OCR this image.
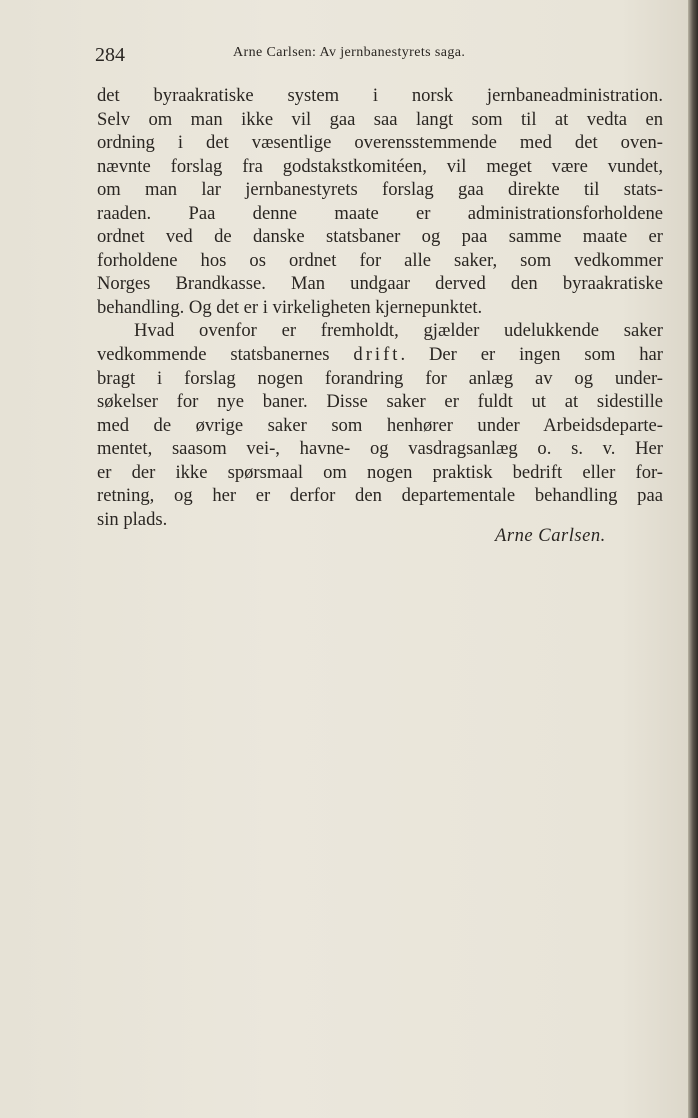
284	Arne Carlsen: Av jernbanestyrets saga.
det byraakratiske system i norsk jernbaneadministration.
Selv om man ikke vil gaa saa langt som til at vedta en
ordning i det væsentlige overensstemmende med det oven-
nævnte forslag fra godstakstkomitéen, vil meget være vundet,
om man lar jernbanestyrets forslag gaa direkte til stats-
raaden. Paa denne maate er administrationsforholdene
ordnet ved de danske statsbaner og paa samme maate er
forholdene hos os ordnet for alle saker, som vedkommer
Norges Brandkasse. Man undgaar derved den byraakratiske
behandling. Og det er i virkeligheten kjernepunktet.
Hvad ovenfor er fremholdt, gjælder udelukkende saker
vedkommende statsbanernes drift. Der er ingen som har
bragt i forslag nogen forandring for anlæg av og under-
søkelser for nye baner. Disse saker er fuldt ut at sidestille
med de øvrige saker som henhører under Arbeidsdeparte-
mentet, saasom vei-, havne- og vasdragsanlæg o. s. v. Her
er der ikke spørsmaal om nogen praktisk bedrift eller for-
retning, og her er derfor den departementale behandling paa
sin plads.
Arne Carlsen.
